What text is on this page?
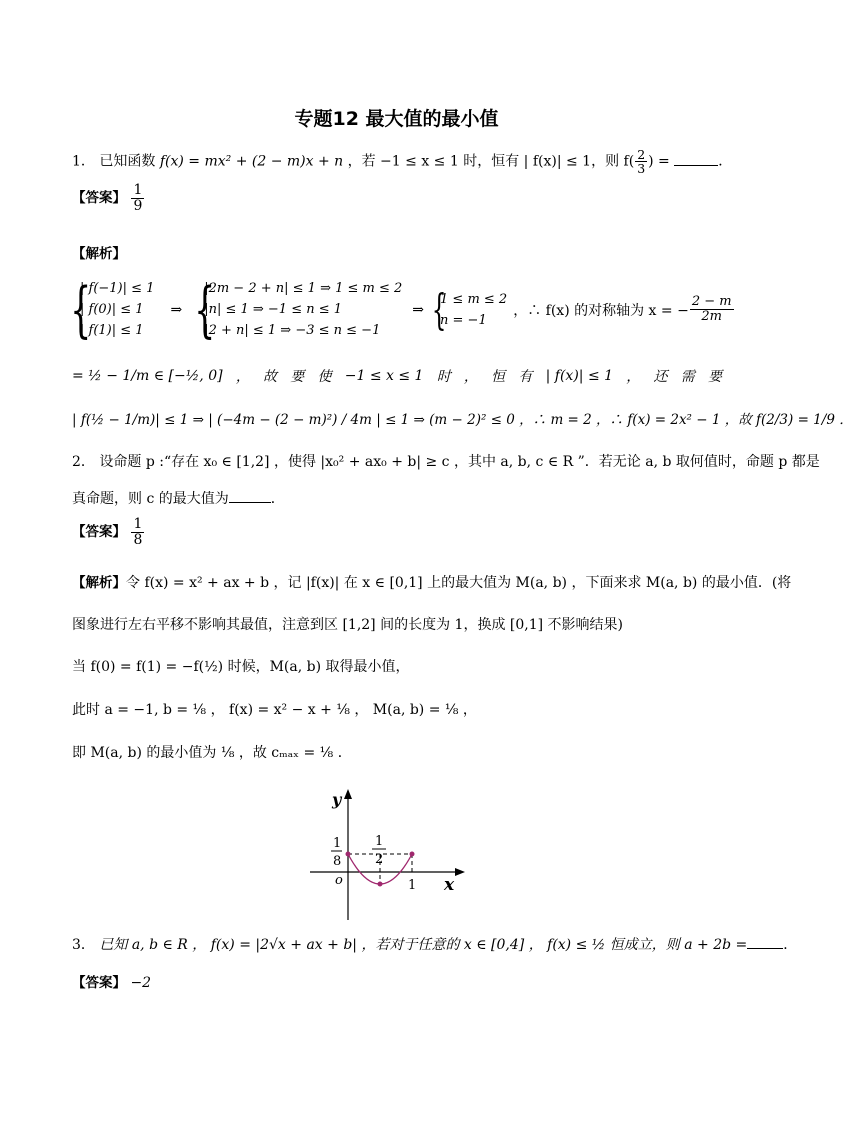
专题12 最大值的最小值
1． 已知函数 f(x) = mx² + (2 − m)x + n ，若 −1 ≤ x ≤ 1 时，恒有 | f(x)| ≤ 1，则 $f( \frac{2}{3}$ ) =	．
【答案】 $\frac{1}{9}$
【解析】
{
| f(−1)| ≤ 1
| f(0)| ≤ 1
| f(1)| ≤ 1
⇒ {
|2m − 2 + n| ≤ 1 ⇒ 1 ≤ m ≤ 2
|n| ≤ 1 ⇒ −1 ≤ n ≤ 1
|2 + n| ≤ 1 ⇒ −3 ≤ n ≤ −1
⇒ {
1 ≤ m ≤ 2
n = −1
，∴ f(x) 的对称轴为 x = − $\frac{2 - m}{2m}$
= ½ − 1/m ∈ [−½, 0] ， 故 要 使 −1 ≤ x ≤ 1 时 ， 恒 有 | f(x)| ≤ 1 ， 还 需 要
| f(½ − 1/m)| ≤ 1 ⇒ | (−4m − (2 − m)²) / 4m | ≤ 1 ⇒ (m − 2)² ≤ 0 ，∴ m = 2 ，∴ f(x) = 2x² − 1 ，故 f(2/3) = 1/9 ．
2． 设命题 p :“存在 x₀ ∈ [1,2] ，使得 |x₀² + ax₀ + b| ≥ c ，其中 a, b, c ∈ R ”．若无论 a, b 取何值时，命题 p 都是
真命题，则 c 的最大值为	．
【答案】 $\frac{1}{8}$
【解析】令 f(x) = x² + ax + b ，记 |f(x)| 在 x ∈ [0,1] 上的最大值为 M(a, b) ，下面来求 M(a, b) 的最小值．(将
图象进行左右平移不影响其最值，注意到区 [1,2] 间的长度为 1，换成 [0,1] 不影响结果)
当 f(0) = f(1) = −f(½) 时候，M(a, b) 取得最小值，
此时 a = −1, b = ⅛ ， f(x) = x² − x + ⅛ ， M(a, b) = ⅛ ，
即 M(a, b) 的最小值为 ⅛ ，故 cₘₐₓ = ⅛ ．
y
x
o
1
8
1
2
1
3． 已知 a, b ∈ R ， f(x) = |2√x + ax + b| ，若对于任意的 x ∈ [0,4] ， f(x) ≤ ½ 恒成立，则 a + 2b =	．
【答案】 −2
